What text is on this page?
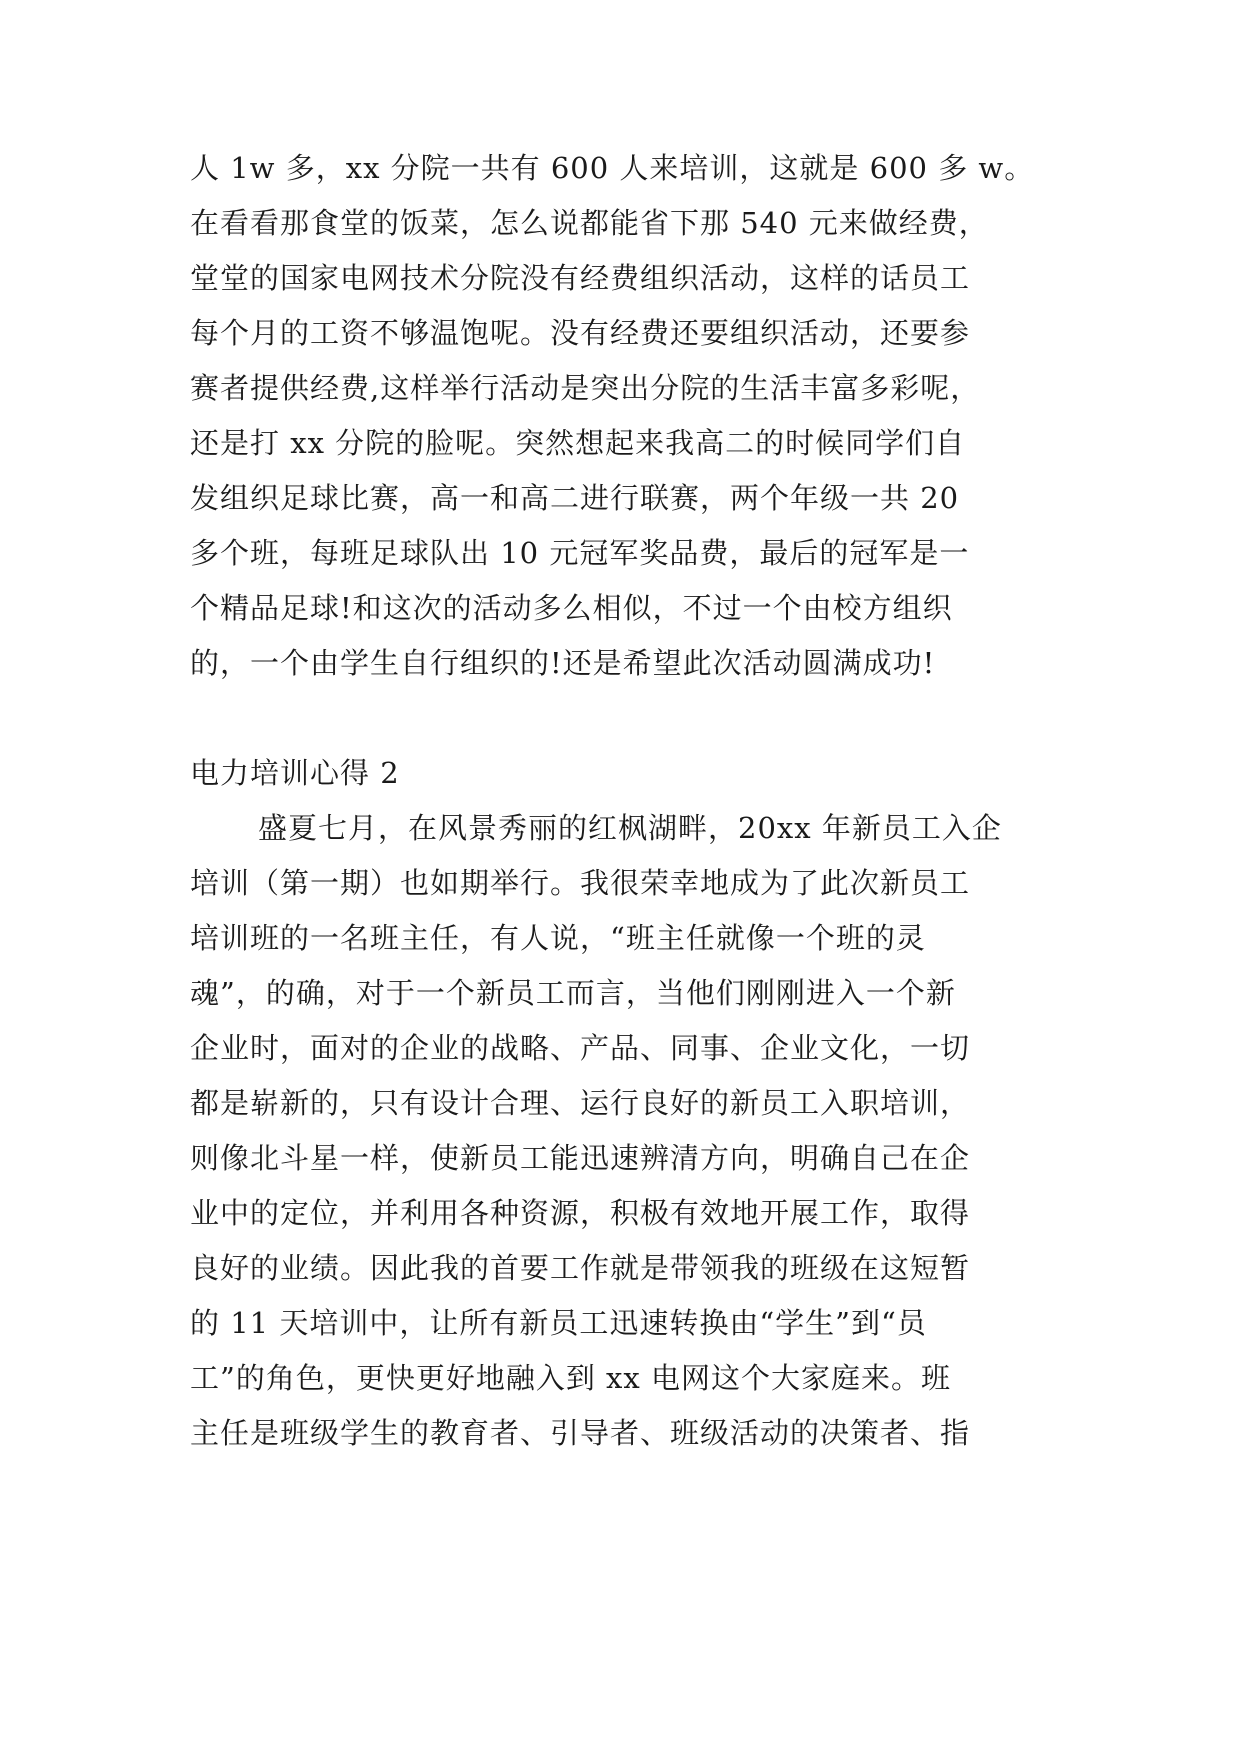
人 1w 多，xx 分院一共有 600 人来培训，这就是 600 多 w。
在看看那食堂的饭菜，怎么说都能省下那 540 元来做经费，
堂堂的国家电网技术分院没有经费组织活动，这样的话员工
每个月的工资不够温饱呢。没有经费还要组织活动，还要参
赛者提供经费,这样举行活动是突出分院的生活丰富多彩呢，
还是打 xx 分院的脸呢。突然想起来我高二的时候同学们自
发组织足球比赛，高一和高二进行联赛，两个年级一共 20
多个班，每班足球队出 10 元冠军奖品费，最后的冠军是一
个精品足球!和这次的活动多么相似，不过一个由校方组织
的，一个由学生自行组织的!还是希望此次活动圆满成功!
电力培训心得 2
盛夏七月，在风景秀丽的红枫湖畔，20xx 年新员工入企
培训（第一期）也如期举行。我很荣幸地成为了此次新员工
培训班的一名班主任，有人说，“班主任就像一个班的灵
魂”，的确，对于一个新员工而言，当他们刚刚进入一个新
企业时，面对的企业的战略、产品、同事、企业文化，一切
都是崭新的，只有设计合理、运行良好的新员工入职培训，
则像北斗星一样，使新员工能迅速辨清方向，明确自己在企
业中的定位，并利用各种资源，积极有效地开展工作，取得
良好的业绩。因此我的首要工作就是带领我的班级在这短暂
的 11 天培训中，让所有新员工迅速转换由“学生”到“员
工”的角色，更快更好地融入到 xx 电网这个大家庭来。班
主任是班级学生的教育者、引导者、班级活动的决策者、指
